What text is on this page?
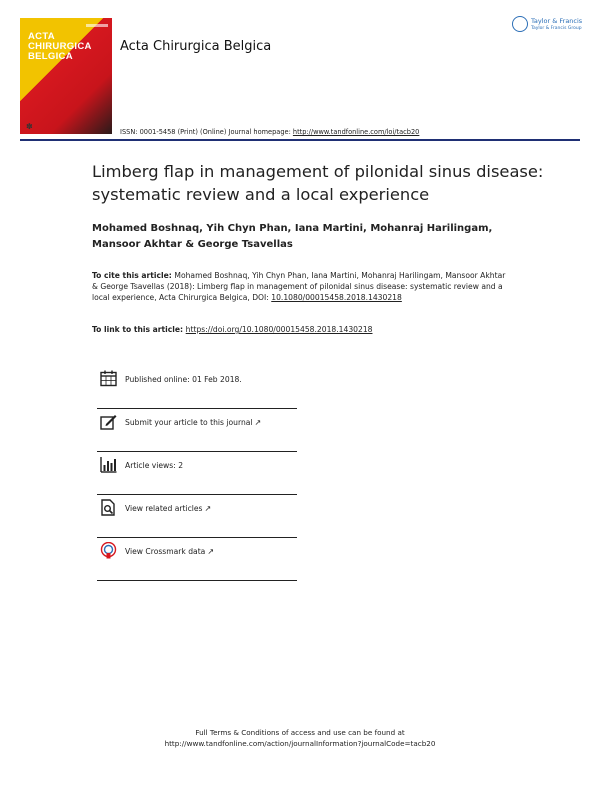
ACTA CHIRURGICA BELGICA
✽
Acta Chirurgica Belgica
Taylor & Francis
Taylor & Francis Group
ISSN: 0001-5458 (Print) (Online) Journal homepage: http://www.tandfonline.com/loi/tacb20
Limberg flap in management of pilonidal sinus disease: systematic review and a local experience
Mohamed Boshnaq, Yih Chyn Phan, Iana Martini, Mohanraj Harilingam, Mansoor Akhtar & George Tsavellas
To cite this article: Mohamed Boshnaq, Yih Chyn Phan, Iana Martini, Mohanraj Harilingam, Mansoor Akhtar & George Tsavellas (2018): Limberg flap in management of pilonidal sinus disease: systematic review and a local experience, Acta Chirurgica Belgica, DOI: 10.1080/00015458.2018.1430218
To link to this article: https://doi.org/10.1080/00015458.2018.1430218
Published online: 01 Feb 2018.
Submit your article to this journal ↗
Article views: 2
View related articles ↗
View Crossmark data ↗
Full Terms & Conditions of access and use can be found at
http://www.tandfonline.com/action/journalInformation?journalCode=tacb20
